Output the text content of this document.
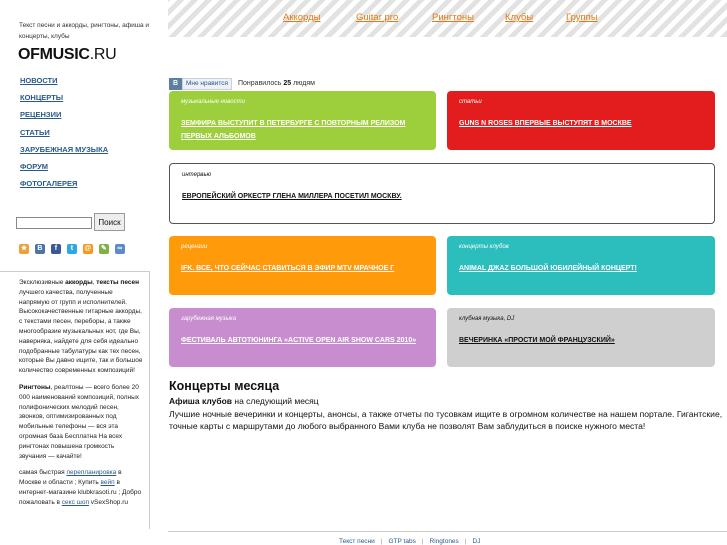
Текст песни и аккорды, рингтоны, афиша и концерты, клубы
OFMUSIC.RU
НОВОСТИ
КОНЦЕРТЫ
РЕЦЕНЗИИ
СТАТЬИ
ЗАРУБЕЖНАЯ МУЗЫКА
ФОРУМ
ФОТОГАЛЕРЕЯ
Поиск
★ B f t @ ✎ ∞

Эксклюзивные аккорды, тексты песен лучшего качества, полученные напрямую от групп и исполнителей. Высококачественные гитарные аккорды, с текстами песен, переборы, а также многообразие музыкальных нот, где Вы, наверняка, найдете для себя идеально подобранные табулатуры как тех песен, которые Вы давно ищите, так и большое количество современных композиций!

Рингтоны, реалтоны — всего более 20 000 наименований композиций, полных полифонических мелодий песен, звонков, оптимизированных под мобильные телефоны — вся эта огромная база Бесплатна На всех рингтонах повышена громкость звучания — качайте!

самая быстрая перепланировка в Москве и области ; Купить вейп в интернет-магазине klubkrasoti.ru ; Добро пожаловать в секс шоп vSexShop.ru

Аккорды	Guitar pro	Рингтоны	Клубы	Группы
В	Мне нравится	Понравилось 25 людям
музыкальные новости
ЗЕМФИРА ВЫСТУПИТ В ПЕТЕРБУРГЕ С ПОВТОРНЫМ РЕЛИЗОМ ПЕРВЫХ АЛЬБОМОВ
статьи
GUNS N ROSES ВПЕРВЫЕ ВЫСТУПЯТ В МОСКВЕ
интервью
ЕВРОПЕЙСКИЙ ОРКЕСТР ГЛЕНА МИЛЛЕРА ПОСЕТИЛ МОСКВУ.
рецензии
IFK. ВСЕ, ЧТО СЕЙЧАС СТАВИТЬСЯ В ЭФИР MTV МРАЧНОЕ Г
концерты клубов
ANIMAL ДЖАZ БОЛЬШОЙ ЮБИЛЕЙНЫЙ КОНЦЕРТ!
зарубежная музыка
ФЕСТИВАЛЬ АВТОТЮНИНГА «ACTIVE OPEN AIR SHOW CARS 2010»
клубная музыка, DJ
ВЕЧЕРИНКА «ПРОСТИ МОЙ ФРАНЦУЗСКИЙ»
Концерты месяца
Афиша клубов на следующий месяц
Лучшие ночные вечеринки и концерты, анонсы, а также отчеты по тусовкам ищите в огромном количестве на нашем портале. Гигантские, точные карты с маршрутами до любого выбранного Вами клуба не позволят Вам заблудиться в поиске нужного места!
Текст песни | GTP tabs | Ringtones | DJ
